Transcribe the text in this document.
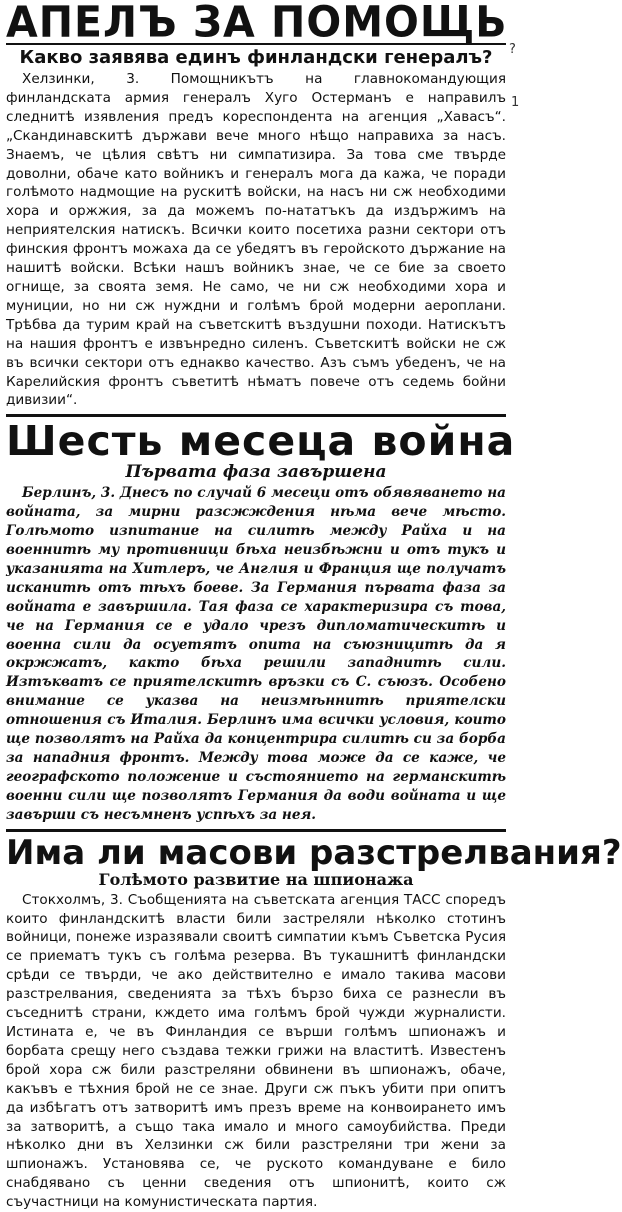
АПЕЛЪ ЗА ПОМОЩЬ
Какво заявява единъ финландски генералъ?

Хелзинки, 3. Помощникътъ на главнокомандующия финландската армия генералъ Хуго Остерманъ е направилъ следнитѣ изявления предъ кореспондента на агенция „Хавасъ“. „Скандинавскитѣ държави вече много нѣщо направиха за насъ. Знаемъ, че цѣлия свѣтъ ни симпатизира. За това сме твърде доволни, обаче като войникъ и генералъ мога да кажа, че поради голѣмото надмощие на рускитѣ войски, на насъ ни сж необходими хора и оржжия, за да можемъ по-нататъкъ да издържимъ на неприятелския натискъ. Всички които посетиха разни сектори отъ финския фронтъ можаха да се убедятъ въ геройското държание на нашитѣ войски. Всѣки нашъ войникъ знае, че се бие за своето огнище, за своята земя. Не само, че ни сж необходими хора и муниции, но ни сж нуждни и голѣмъ брой модерни аероплани. Трѣбва да турим край на съветскитѣ въздушни походи. Натискътъ на нашия фронтъ е извънредно силенъ. Съветскитѣ войски не сж въ всички сектори отъ еднакво качество. Азъ съмъ убеденъ, че на Карелийския фронтъ съветитѣ нѣматъ повече отъ седемь бойни дивизии“.

Шесть месеца война
Първата фаза завършена

Берлинъ, 3. Днесъ по случай 6 месеци отъ обявяването на войната, за мирни разсжждения нѣма вече мѣсто. Голѣмото изпитание на силитѣ между Райха и на военнитѣ му противници бѣха неизбѣжни и отъ тукъ и указанията на Хитлеръ, че Англия и Франция ще получатъ исканитѣ отъ тѣхъ боеве. За Германия първата фаза за войната е завършила. Тая фаза се характеризира съ това, че на Германия се е удало чрезъ дипломатическитѣ и военна сили да осуетятъ опита на съюзницитѣ да я окржжатъ, както бѣха решили западнитѣ сили. Изтъкватъ се приятелскитѣ връзки съ С. съюзъ. Особено внимание се указва на неизмѣннитѣ приятелски отношения съ Италия. Берлинъ има всички условия, които ще позволятъ на Райха да концентрира силитѣ си за борба за нападния фронтъ. Между това може да се каже, че географското положение и състоянието на германскитѣ военни сили ще позволятъ Германия да води войната и ще завърши съ несъмненъ успѣхъ за нея.

Има ли масови разстрелвания?
Голѣмото развитие на шпионажа

Стокхолмъ, 3. Съобщенията на съветската агенция ТАСС споредъ които финландскитѣ власти били застреляли нѣколко стотинъ войници, понеже изразявали своитѣ симпатии къмъ Съветска Русия се приематъ тукъ съ голѣма резерва. Въ тукашнитѣ финландски срѣди се твърди, че ако действително е имало такива масови разстрелвания, сведенията за тѣхъ бързо биха се разнесли въ съседнитѣ страни, кждето има голѣмъ брой чужди журналисти. Истината е, че въ Финландия се върши голѣмъ шпионажъ и борбата срещу него създава тежки грижи на властитѣ. Известенъ брой хора сж били разстреляни обвинени въ шпионажъ, обаче, какъвъ е тѣхния брой не се знае. Други сж пъкъ убити при опитъ да избѣгатъ отъ затворитѣ имъ презъ време на конвоирането имъ за затворитѣ, а също така имало и много самоубийства. Преди нѣколко дни въ Хелзинки сж били разстреляни три жени за шпионажъ. Установява се, че рускотo командуване е било снабдявано съ ценни сведения отъ шпионитѣ, които сж съучастници на комунистическата партия.

?
1
